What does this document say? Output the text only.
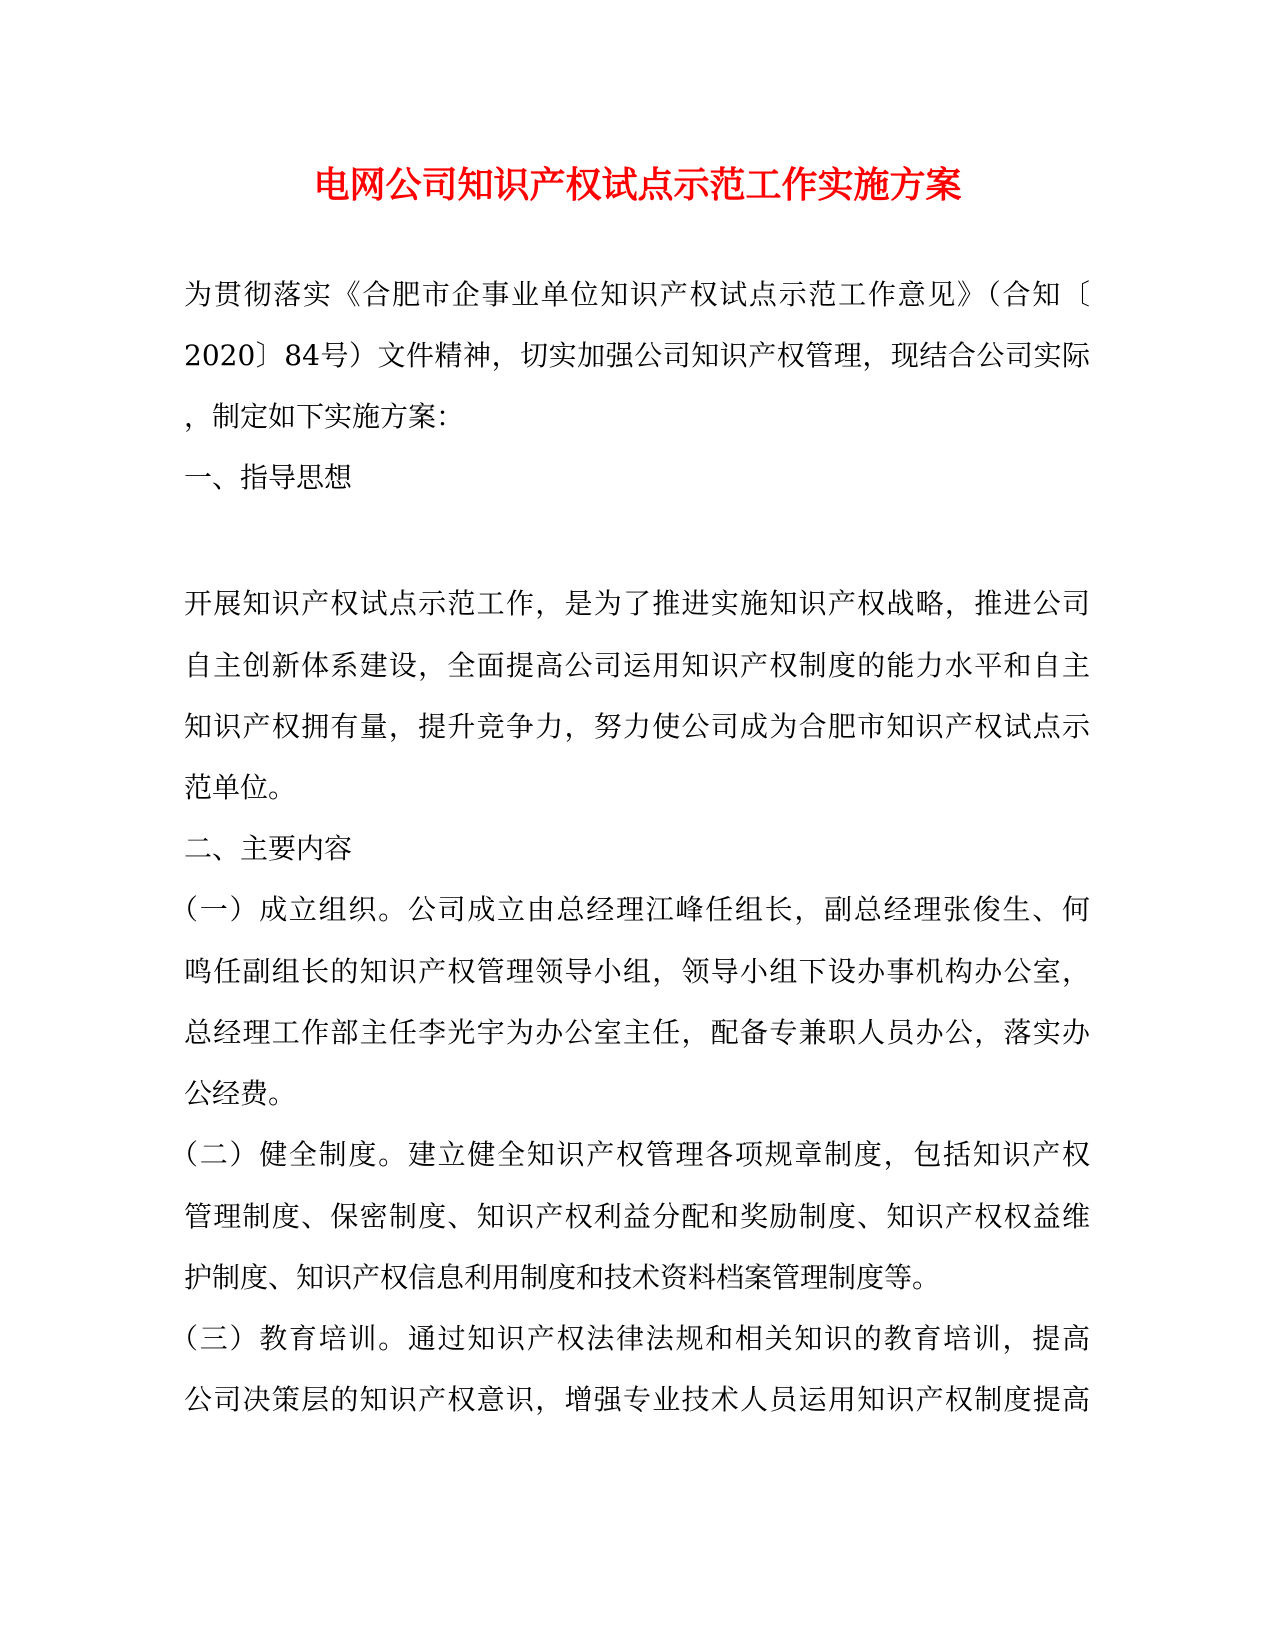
电网公司知识产权试点示范工作实施方案
为贯彻落实《合肥市企事业单位知识产权试点示范工作意见》（合知〔
2020〕84号）文件精神，切实加强公司知识产权管理，现结合公司实际
，制定如下实施方案：
一、指导思想
开展知识产权试点示范工作，是为了推进实施知识产权战略，推进公司
自主创新体系建设，全面提高公司运用知识产权制度的能力水平和自主
知识产权拥有量，提升竞争力，努力使公司成为合肥市知识产权试点示
范单位。
二、主要内容
（一）成立组织。公司成立由总经理江峰任组长，副总经理张俊生、何
鸣任副组长的知识产权管理领导小组，领导小组下设办事机构办公室，
总经理工作部主任李光宇为办公室主任，配备专兼职人员办公，落实办
公经费。
（二）健全制度。建立健全知识产权管理各项规章制度，包括知识产权
管理制度、保密制度、知识产权利益分配和奖励制度、知识产权权益维
护制度、知识产权信息利用制度和技术资料档案管理制度等。
（三）教育培训。通过知识产权法律法规和相关知识的教育培训，提高
公司决策层的知识产权意识，增强专业技术人员运用知识产权制度提高
